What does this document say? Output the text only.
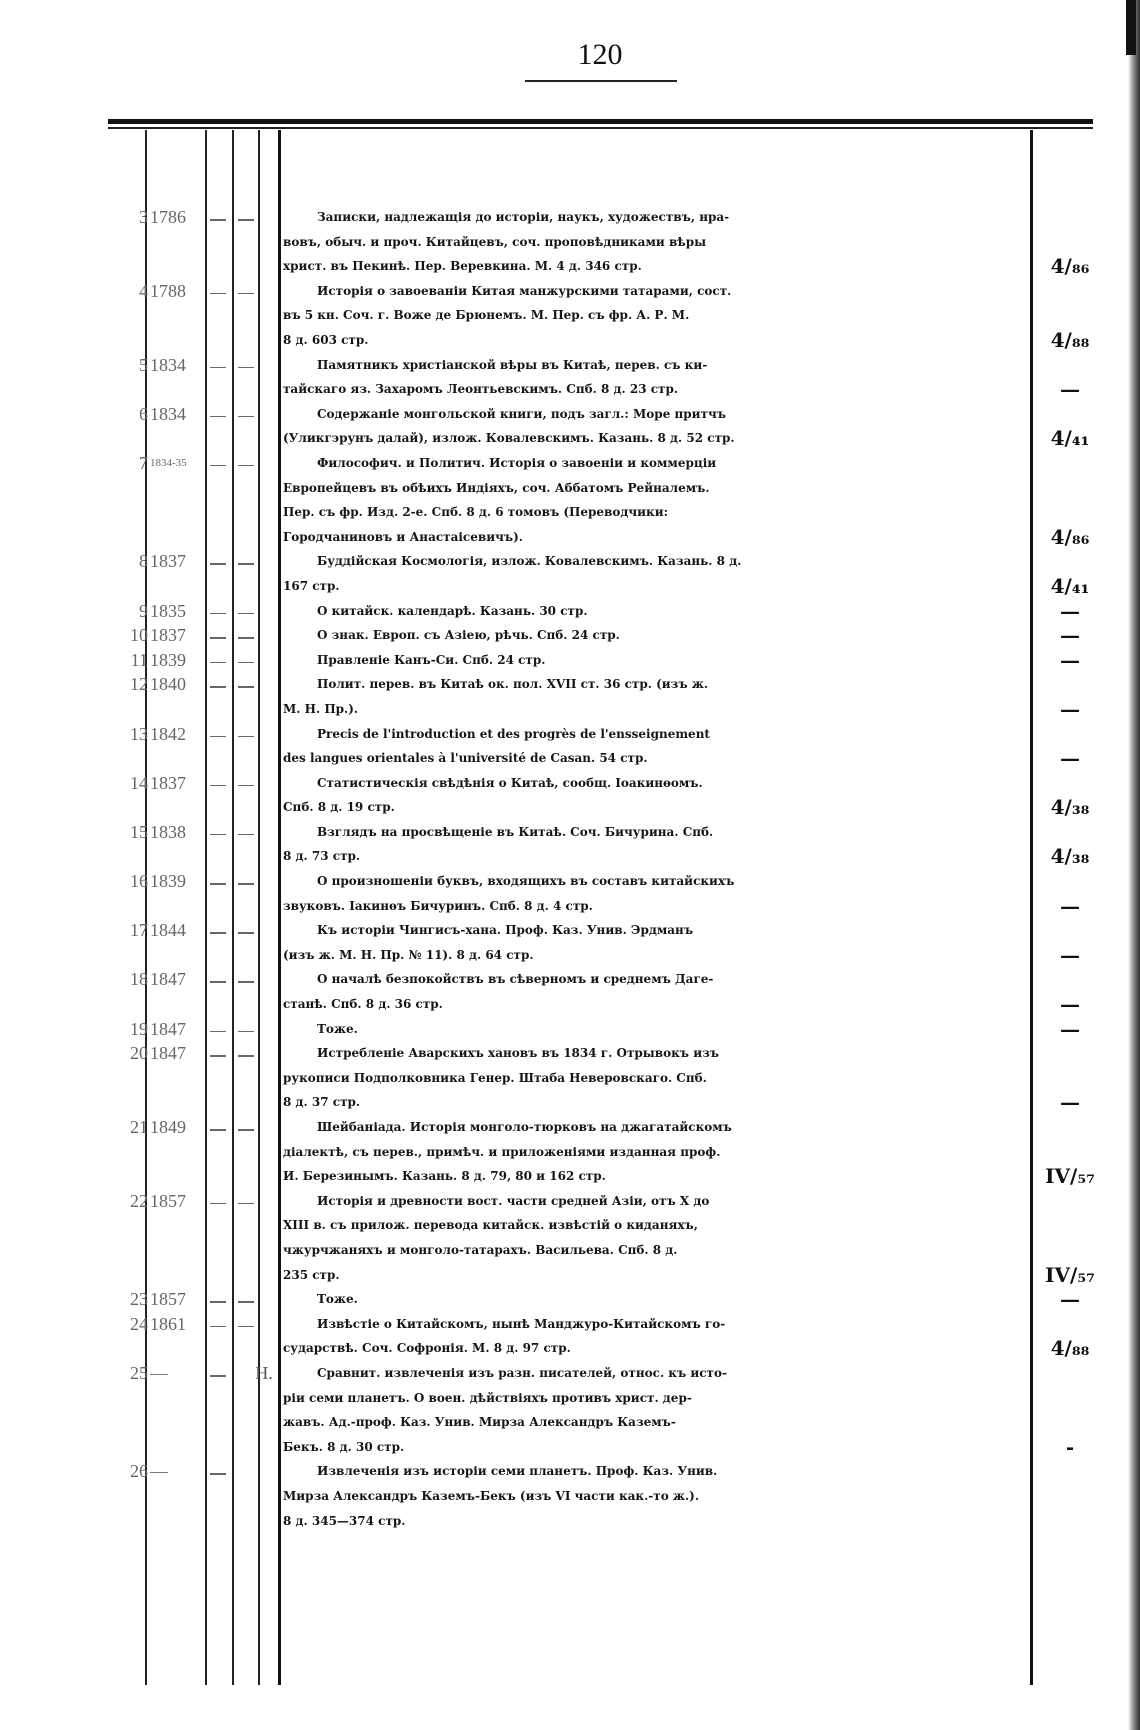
120
3 1786	Записки, надлежащія до исторіи, наукъ, художествъ, нра-
вовъ, обыч. и проч. Китайцевъ, соч. проповѣдниками вѣры
христ. въ Пекинѣ. Пер. Веревкина. М. 4 д. 346 стр.	4/₈₆
4 1788	Исторія о завоеваніи Китая манжурскими татарами, сост.
въ 5 кн. Соч. г. Воже де Брюнемъ. М. Пер. съ фр. А. Р. М.
8 д. 603 стр.	4/₈₈
5 1834	Памятникъ христіанской вѣры въ Китаѣ, перев. съ ки-
тайскаго яз. Захаромъ Леонтьевскимъ. Спб. 8 д. 23 стр.	—
6 1834	Содержаніе монгольской книги, подъ загл.: Море притчъ
(Уликгэрунъ далай), излож. Ковалевскимъ. Казань. 8 д. 52 стр.	4/₄₁
7 1834-35	Философич. и Политич. Исторія о завоеніи и коммерціи
Европейцевъ въ обѣихъ Индіяхъ, соч. Аббатомъ Рейналемъ.
Пер. съ фр. Изд. 2-е. Спб. 8 д. 6 томовъ (Переводчики:
Городчаниновъ и Анастаісевичъ).	4/₈₆
8 1837	Буддійская Космологія, излож. Ковалевскимъ. Казань. 8 д.
167 стр.	4/₄₁
9 1835	О китайск. календарѣ. Казань. 30 стр.	—
10 1837	О знак. Европ. съ Азіею, рѣчь. Спб. 24 стр.	—
11 1839	Правленіе Канъ-Си. Спб. 24 стр.	—
12 1840	Полит. перев. въ Китаѣ ок. пол. XVII ст. 36 стр. (изъ ж.
М. Н. Пр.).	—
13 1842	Precis de l'introduction et des progrès de l'ensseignement
des langues orientales à l'université de Casan. 54 стр.	—
14 1837	Статистическія свѣдѣнія о Китаѣ, сообщ. Іоакинѳомъ.
Спб. 8 д. 19 стр.	4/₃₈
15 1838	Взглядъ на просвѣщеніе въ Китаѣ. Соч. Бичурина. Спб.
8 д. 73 стр.	4/₃₈
16 1839	О произношеніи буквъ, входящихъ въ составъ китайскихъ
звуковъ. Іакинѳъ Бичуринъ. Спб. 8 д. 4 стр.	—
17 1844	Къ исторіи Чингисъ-хана. Проф. Каз. Унив. Эрдманъ
(изъ ж. М. Н. Пр. № 11). 8 д. 64 стр.	—
18 1847	О началѣ безпокойствъ въ сѣверномъ и среднемъ Даге-
станѣ. Спб. 8 д. 36 стр.	—
19 1847	Тоже.	—
20 1847	Истребленіе Аварскихъ хановъ въ 1834 г. Отрывокъ изъ
рукописи Подполковника Генер. Штаба Неверовскаго. Спб.
8 д. 37 стр.	—
21 1849	Шейбаніада. Исторія монголо-тюрковъ на джагатайскомъ
діалектѣ, съ перев., примѣч. и приложеніями изданная проф.
И. Березинымъ. Казань. 8 д. 79, 80 и 162 стр.	IV/₅₇
22 1857	Исторія и древности вост. части средней Азіи, отъ X до
XIII в. съ прилож. перевода китайск. извѣстій о киданяхъ,
чжурчжаняхъ и монголо-татарахъ. Васильева. Спб. 8 д.
235 стр.	IV/₅₇
23 1857	Тоже.	—
24 1861	Извѣстіе о Китайскомъ, нынѣ Манджуро-Китайскомъ го-
сударствѣ. Соч. Софронія. М. 8 д. 97 стр.	4/₈₈
25 —	Н.	Сравнит. извлеченія изъ разн. писателей, относ. къ исто-
ріи семи планетъ. О воен. дѣйствіяхъ противъ христ. дер-
жавъ. Ад.-проф. Каз. Унив. Мирза Александръ Каземъ-
Бекъ. 8 д. 30 стр.	-
26 —	Извлеченія изъ исторіи семи планетъ. Проф. Каз. Унив.
Мирза Александръ Каземъ-Бекъ (изъ VI части как.-то ж.).
8 д. 345—374 стр.
